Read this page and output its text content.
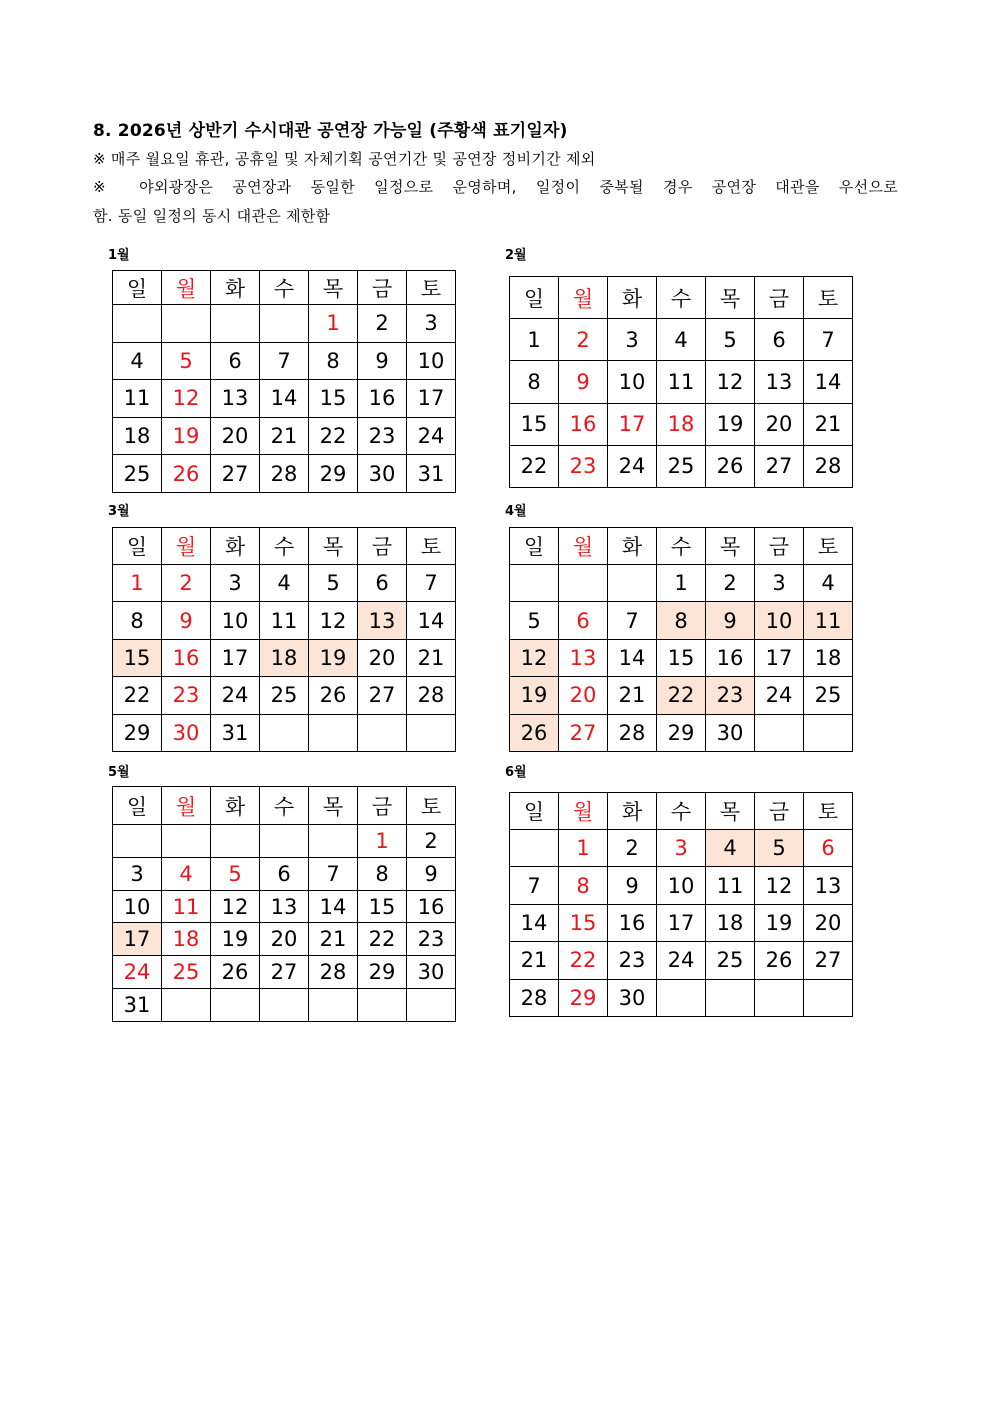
8. 2026년 상반기 수시대관 공연장 가능일 (주황색 표기일자)
※ 매주 월요일 휴관, 공휴일 및 자체기획 공연기간 및 공연장 정비기간 제외
※ 야외광장은 공연장과 동일한 일정으로 운영하며, 일정이 중복될 경우 공연장 대관을 우선으로
함. 동일 일정의 동시 대관은 제한함
1월
일	월	화	수	목	금	토
				1	2	3
4	5	6	7	8	9	10
11	12	13	14	15	16	17
18	19	20	21	22	23	24
25	26	27	28	29	30	31
2월
일	월	화	수	목	금	토
1	2	3	4	5	6	7
8	9	10	11	12	13	14
15	16	17	18	19	20	21
22	23	24	25	26	27	28
3월
일	월	화	수	목	금	토
1	2	3	4	5	6	7
8	9	10	11	12	13	14
15	16	17	18	19	20	21
22	23	24	25	26	27	28
29	30	31				
4월
일	월	화	수	목	금	토
			1	2	3	4
5	6	7	8	9	10	11
12	13	14	15	16	17	18
19	20	21	22	23	24	25
26	27	28	29	30		
5월
일	월	화	수	목	금	토
					1	2
3	4	5	6	7	8	9
10	11	12	13	14	15	16
17	18	19	20	21	22	23
24	25	26	27	28	29	30
31						
6월
일	월	화	수	목	금	토
	1	2	3	4	5	6
7	8	9	10	11	12	13
14	15	16	17	18	19	20
21	22	23	24	25	26	27
28	29	30				
